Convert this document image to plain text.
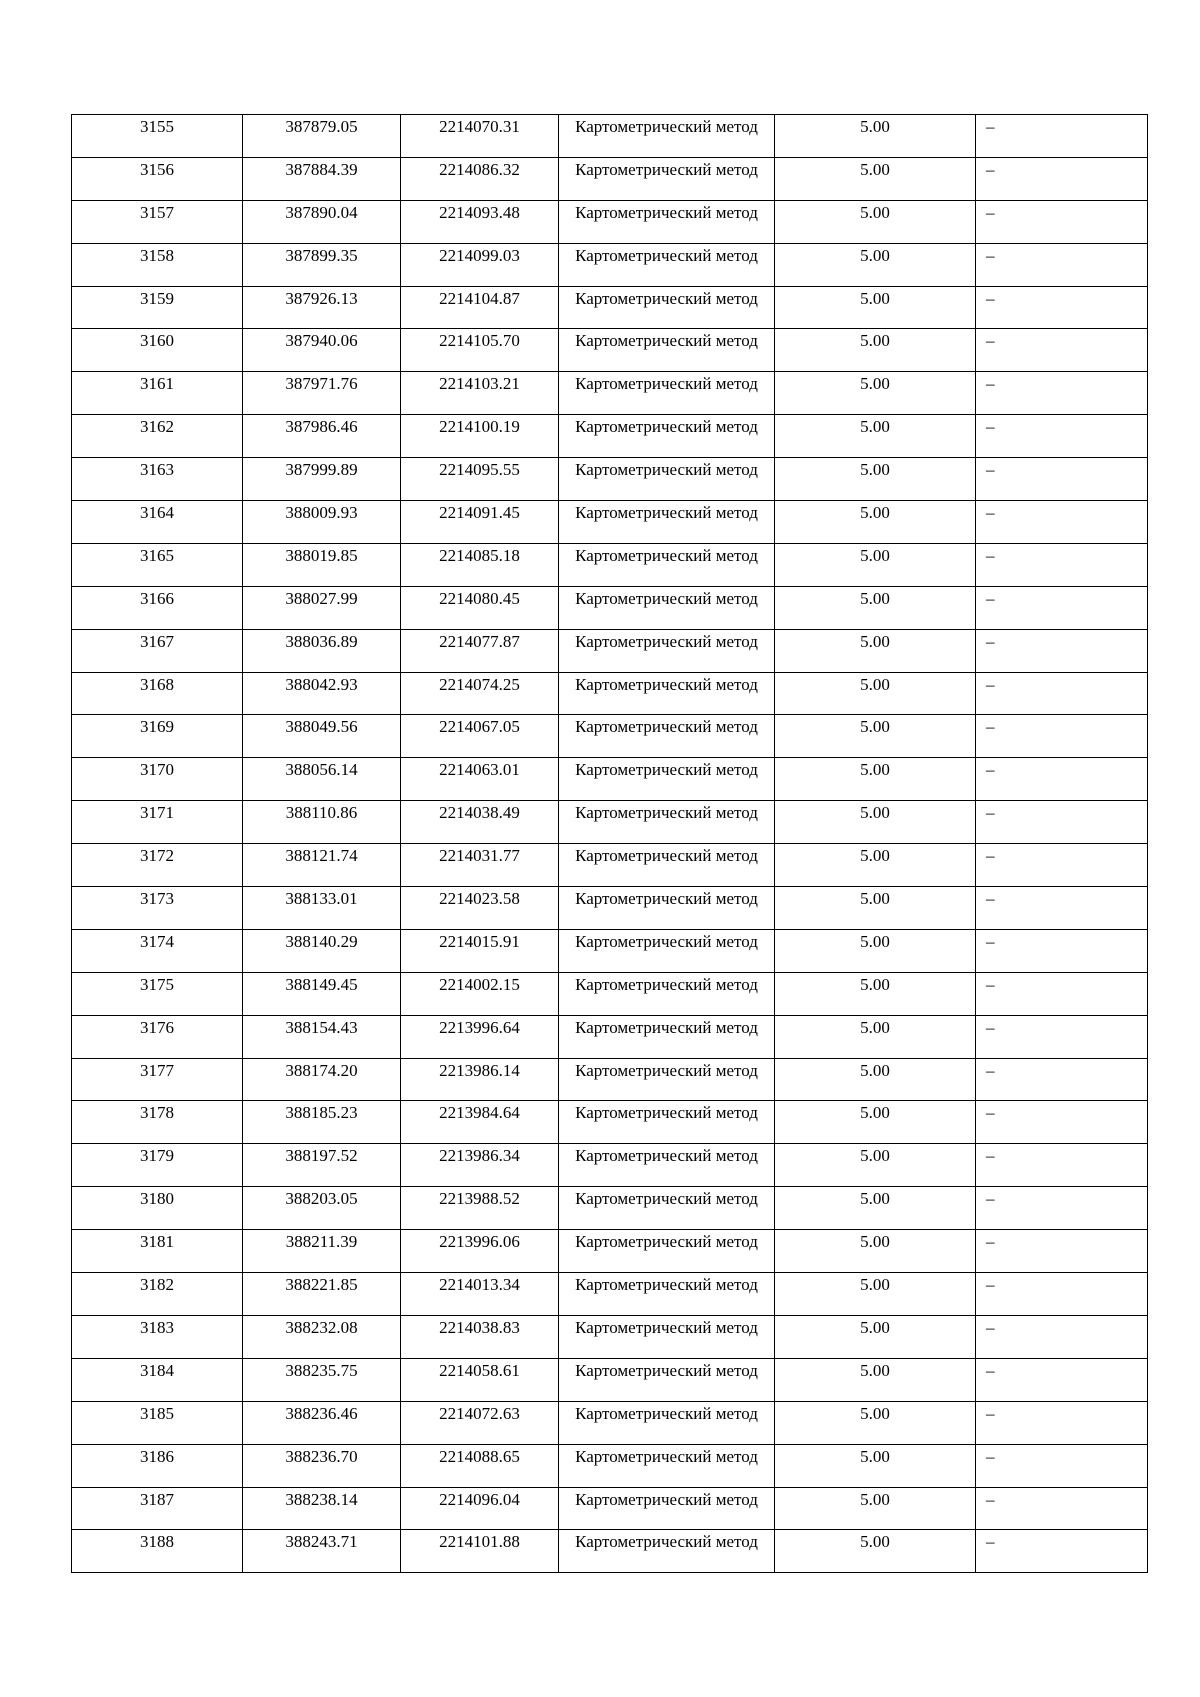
3155	387879.05	2214070.31	Картометрический метод	5.00	–

3156	387884.39	2214086.32	Картометрический метод	5.00	–

3157	387890.04	2214093.48	Картометрический метод	5.00	–

3158	387899.35	2214099.03	Картометрический метод	5.00	–

3159	387926.13	2214104.87	Картометрический метод	5.00	–

3160	387940.06	2214105.70	Картометрический метод	5.00	–

3161	387971.76	2214103.21	Картометрический метод	5.00	–

3162	387986.46	2214100.19	Картометрический метод	5.00	–

3163	387999.89	2214095.55	Картометрический метод	5.00	–

3164	388009.93	2214091.45	Картометрический метод	5.00	–

3165	388019.85	2214085.18	Картометрический метод	5.00	–

3166	388027.99	2214080.45	Картометрический метод	5.00	–

3167	388036.89	2214077.87	Картометрический метод	5.00	–

3168	388042.93	2214074.25	Картометрический метод	5.00	–

3169	388049.56	2214067.05	Картометрический метод	5.00	–

3170	388056.14	2214063.01	Картометрический метод	5.00	–

3171	388110.86	2214038.49	Картометрический метод	5.00	–

3172	388121.74	2214031.77	Картометрический метод	5.00	–

3173	388133.01	2214023.58	Картометрический метод	5.00	–

3174	388140.29	2214015.91	Картометрический метод	5.00	–

3175	388149.45	2214002.15	Картометрический метод	5.00	–

3176	388154.43	2213996.64	Картометрический метод	5.00	–

3177	388174.20	2213986.14	Картометрический метод	5.00	–

3178	388185.23	2213984.64	Картометрический метод	5.00	–

3179	388197.52	2213986.34	Картометрический метод	5.00	–

3180	388203.05	2213988.52	Картометрический метод	5.00	–

3181	388211.39	2213996.06	Картометрический метод	5.00	–

3182	388221.85	2214013.34	Картометрический метод	5.00	–

3183	388232.08	2214038.83	Картометрический метод	5.00	–

3184	388235.75	2214058.61	Картометрический метод	5.00	–

3185	388236.46	2214072.63	Картометрический метод	5.00	–

3186	388236.70	2214088.65	Картометрический метод	5.00	–

3187	388238.14	2214096.04	Картометрический метод	5.00	–

3188	388243.71	2214101.88	Картометрический метод	5.00	–
